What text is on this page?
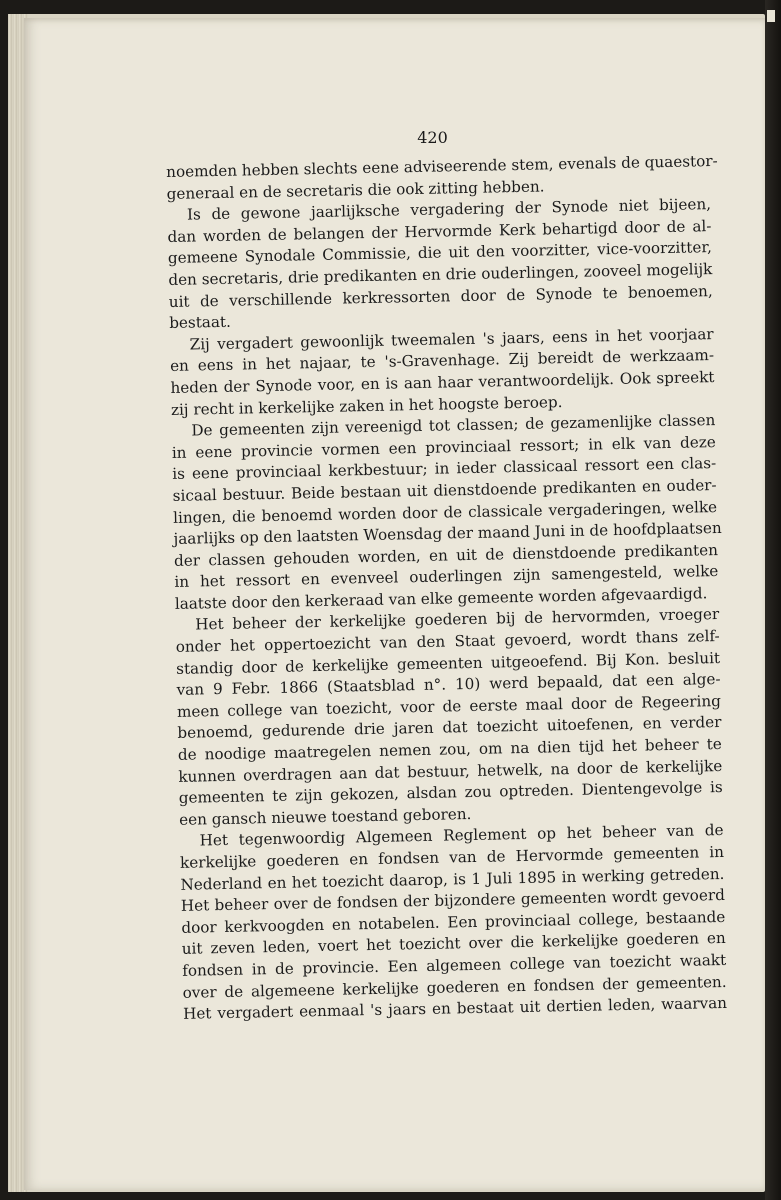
420
noemden hebben slechts eene adviseerende stem, evenals de quaestor-
generaal en de secretaris die ook zitting hebben.
Is de gewone jaarlijksche vergadering der Synode niet bijeen,
dan worden de belangen der Hervormde Kerk behartigd door de al-
gemeene Synodale Commissie, die uit den voorzitter, vice-voorzitter,
den secretaris, drie predikanten en drie ouderlingen, zooveel mogelijk
uit de verschillende kerkressorten door de Synode te benoemen,
bestaat.
Zij vergadert gewoonlijk tweemalen 's jaars, eens in het voorjaar
en eens in het najaar, te 's-Gravenhage. Zij bereidt de werkzaam-
heden der Synode voor, en is aan haar verantwoordelijk. Ook spreekt
zij recht in kerkelijke zaken in het hoogste beroep.
De gemeenten zijn vereenigd tot classen; de gezamenlijke classen
in eene provincie vormen een provinciaal ressort; in elk van deze
is eene provinciaal kerkbestuur; in ieder classicaal ressort een clas-
sicaal bestuur. Beide bestaan uit dienstdoende predikanten en ouder-
lingen, die benoemd worden door de classicale vergaderingen, welke
jaarlijks op den laatsten Woensdag der maand Juni in de hoofdplaatsen
der classen gehouden worden, en uit de dienstdoende predikanten
in het ressort en evenveel ouderlingen zijn samengesteld, welke
laatste door den kerkeraad van elke gemeente worden afgevaardigd.
Het beheer der kerkelijke goederen bij de hervormden, vroeger
onder het oppertoezicht van den Staat gevoerd, wordt thans zelf-
standig door de kerkelijke gemeenten uitgeoefend. Bij Kon. besluit
van 9 Febr. 1866 (Staatsblad n°. 10) werd bepaald, dat een alge-
meen college van toezicht, voor de eerste maal door de Regeering
benoemd, gedurende drie jaren dat toezicht uitoefenen, en verder
de noodige maatregelen nemen zou, om na dien tijd het beheer te
kunnen overdragen aan dat bestuur, hetwelk, na door de kerkelijke
gemeenten te zijn gekozen, alsdan zou optreden. Dientengevolge is
een gansch nieuwe toestand geboren.
Het tegenwoordig Algemeen Reglement op het beheer van de
kerkelijke goederen en fondsen van de Hervormde gemeenten in
Nederland en het toezicht daarop, is 1 Juli 1895 in werking getreden.
Het beheer over de fondsen der bijzondere gemeenten wordt gevoerd
door kerkvoogden en notabelen. Een provinciaal college, bestaande
uit zeven leden, voert het toezicht over die kerkelijke goederen en
fondsen in de provincie. Een algemeen college van toezicht waakt
over de algemeene kerkelijke goederen en fondsen der gemeenten.
Het vergadert eenmaal 's jaars en bestaat uit dertien leden, waarvan
